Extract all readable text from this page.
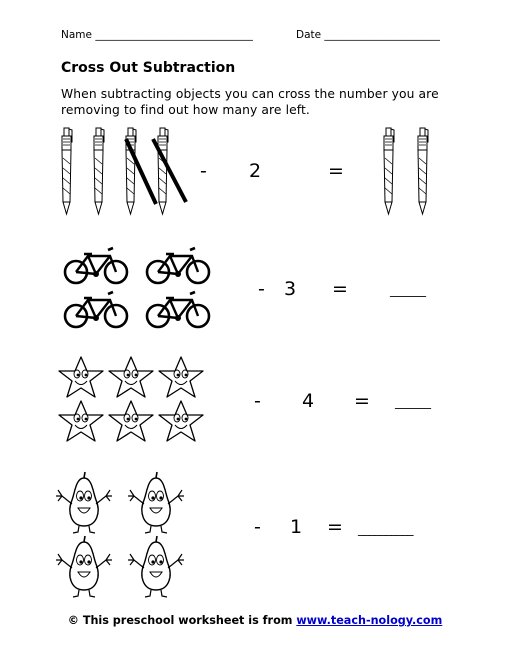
Name ______________________________	Date ______________________
Cross Out Subtraction
When subtracting objects you can cross the number you are removing to find out how many are left.
- 2	=
- 3 =	______
- 4 = ______
- 1 = __________
© This preschool worksheet is from www.teach-nology.com
